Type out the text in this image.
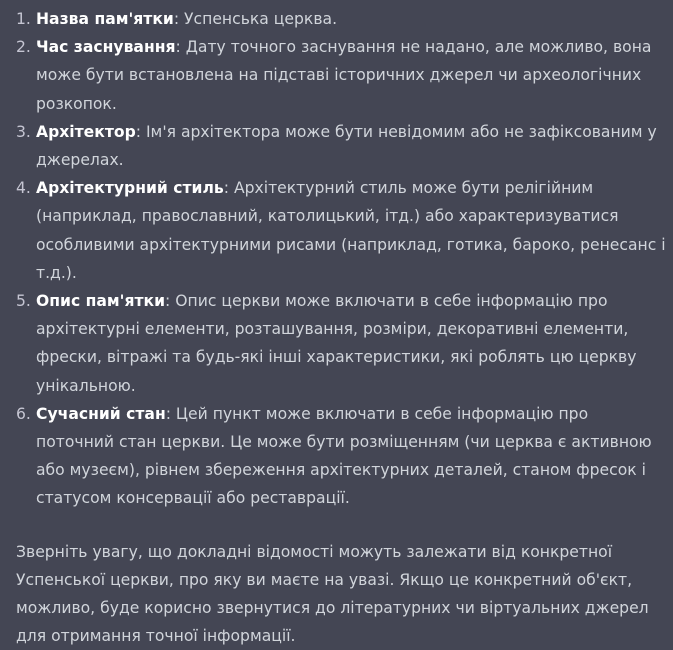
1. Назва пам'ятки: Успенська церква.
2. Час заснування: Дату точного заснування не надано, але можливо, вона може бути встановлена на підставі історичних джерел чи археологічних розкопок.
3. Архітектор: Ім'я архітектора може бути невідомим або не зафіксованим у джерелах.
4. Архітектурний стиль: Архітектурний стиль може бути релігійним (наприклад, православний, католицький, ітд.) або характеризуватися особливими архітектурними рисами (наприклад, готика, бароко, ренесанс і т.д.).
5. Опис пам'ятки: Опис церкви може включати в себе інформацію про архітектурні елементи, розташування, розміри, декоративні елементи, фрески, вітражі та будь-які інші характеристики, які роблять цю церкву унікальною.
6. Сучасний стан: Цей пункт може включати в себе інформацію про поточний стан церкви. Це може бути розміщенням (чи церква є активною або музеєм), рівнем збереження архітектурних деталей, станом фресок і статусом консервації або реставрації.

Зверніть увагу, що докладні відомості можуть залежати від конкретної Успенської церкви, про яку ви маєте на увазі. Якщо це конкретний об'єкт, можливо, буде корисно звернутися до літературних чи віртуальних джерел для отримання точної інформації.
